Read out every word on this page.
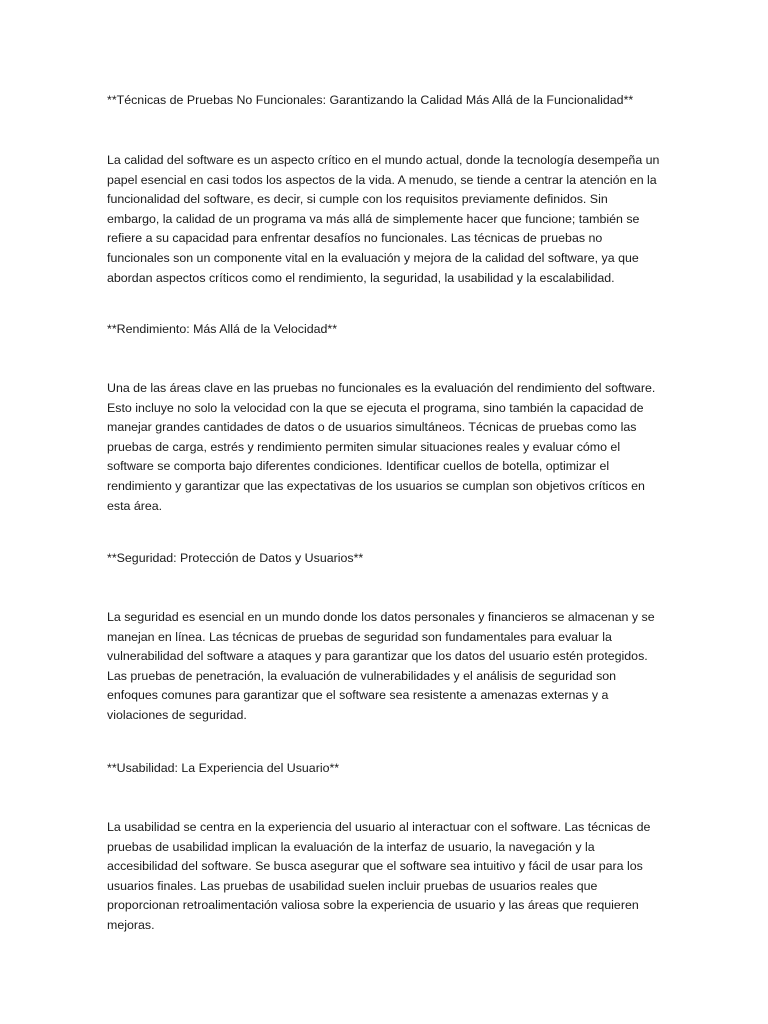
**Técnicas de Pruebas No Funcionales: Garantizando la Calidad Más Allá de la Funcionalidad**

La calidad del software es un aspecto crítico en el mundo actual, donde la tecnología desempeña un papel esencial en casi todos los aspectos de la vida. A menudo, se tiende a centrar la atención en la funcionalidad del software, es decir, si cumple con los requisitos previamente definidos. Sin embargo, la calidad de un programa va más allá de simplemente hacer que funcione; también se refiere a su capacidad para enfrentar desafíos no funcionales. Las técnicas de pruebas no funcionales son un componente vital en la evaluación y mejora de la calidad del software, ya que abordan aspectos críticos como el rendimiento, la seguridad, la usabilidad y la escalabilidad.

**Rendimiento: Más Allá de la Velocidad**

Una de las áreas clave en las pruebas no funcionales es la evaluación del rendimiento del software. Esto incluye no solo la velocidad con la que se ejecuta el programa, sino también la capacidad de manejar grandes cantidades de datos o de usuarios simultáneos. Técnicas de pruebas como las pruebas de carga, estrés y rendimiento permiten simular situaciones reales y evaluar cómo el software se comporta bajo diferentes condiciones. Identificar cuellos de botella, optimizar el rendimiento y garantizar que las expectativas de los usuarios se cumplan son objetivos críticos en esta área.

**Seguridad: Protección de Datos y Usuarios**

La seguridad es esencial en un mundo donde los datos personales y financieros se almacenan y se manejan en línea. Las técnicas de pruebas de seguridad son fundamentales para evaluar la vulnerabilidad del software a ataques y para garantizar que los datos del usuario estén protegidos. Las pruebas de penetración, la evaluación de vulnerabilidades y el análisis de seguridad son enfoques comunes para garantizar que el software sea resistente a amenazas externas y a violaciones de seguridad.

**Usabilidad: La Experiencia del Usuario**

La usabilidad se centra en la experiencia del usuario al interactuar con el software. Las técnicas de pruebas de usabilidad implican la evaluación de la interfaz de usuario, la navegación y la accesibilidad del software. Se busca asegurar que el software sea intuitivo y fácil de usar para los usuarios finales. Las pruebas de usabilidad suelen incluir pruebas de usuarios reales que proporcionan retroalimentación valiosa sobre la experiencia de usuario y las áreas que requieren mejoras.
